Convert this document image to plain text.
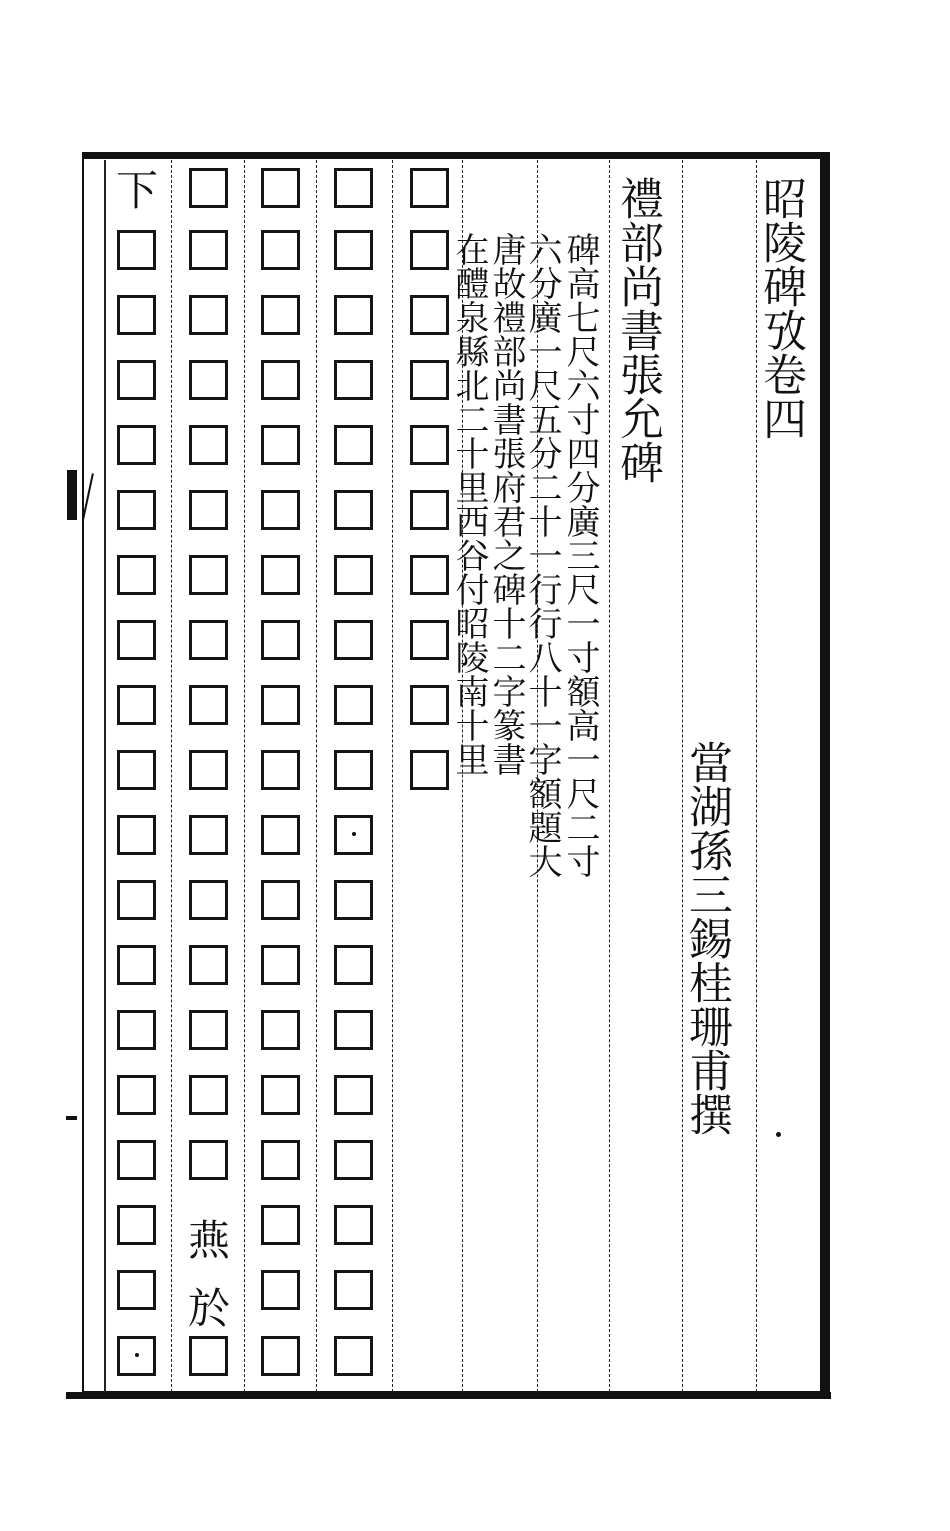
昭陵碑攷卷四
禮部尚書張允碑
當湖孫三錫桂珊甫撰
碑高七尺六寸四分廣三尺一寸額高一尺二寸
六分廣一尺五分二十一行行八十一字額題大
唐故禮部尚書張府君之碑十二字篆書
在醴泉縣北二十里西谷付昭陵南十里
下
燕
於
